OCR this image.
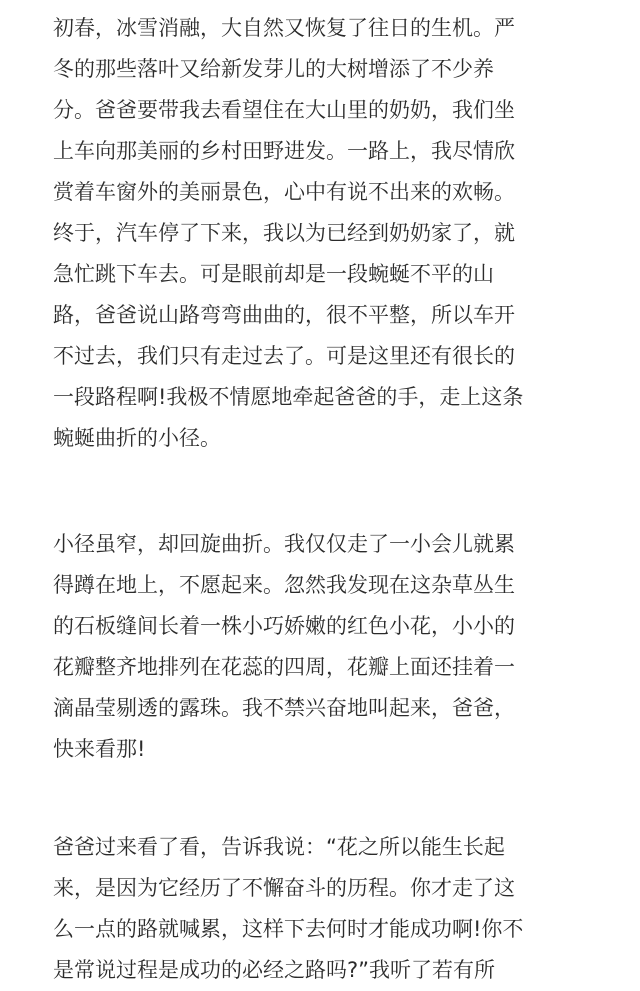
初春，冰雪消融，大自然又恢复了往日的生机。严
冬的那些落叶又给新发芽儿的大树增添了不少养
分。爸爸要带我去看望住在大山里的奶奶，我们坐
上车向那美丽的乡村田野进发。一路上，我尽情欣
赏着车窗外的美丽景色，心中有说不出来的欢畅。
终于，汽车停了下来，我以为已经到奶奶家了，就
急忙跳下车去。可是眼前却是一段蜿蜒不平的山
路，爸爸说山路弯弯曲曲的，很不平整，所以车开
不过去，我们只有走过去了。可是这里还有很长的
一段路程啊!我极不情愿地牵起爸爸的手，走上这条
蜿蜒曲折的小径。
小径虽窄，却回旋曲折。我仅仅走了一小会儿就累
得蹲在地上，不愿起来。忽然我发现在这杂草丛生
的石板缝间长着一株小巧娇嫩的红色小花，小小的
花瓣整齐地排列在花蕊的四周，花瓣上面还挂着一
滴晶莹剔透的露珠。我不禁兴奋地叫起来，爸爸，
快来看那!
爸爸过来看了看，告诉我说：“花之所以能生长起
来，是因为它经历了不懈奋斗的历程。你才走了这
么一点的路就喊累，这样下去何时才能成功啊!你不
是常说过程是成功的必经之路吗?”我听了若有所
